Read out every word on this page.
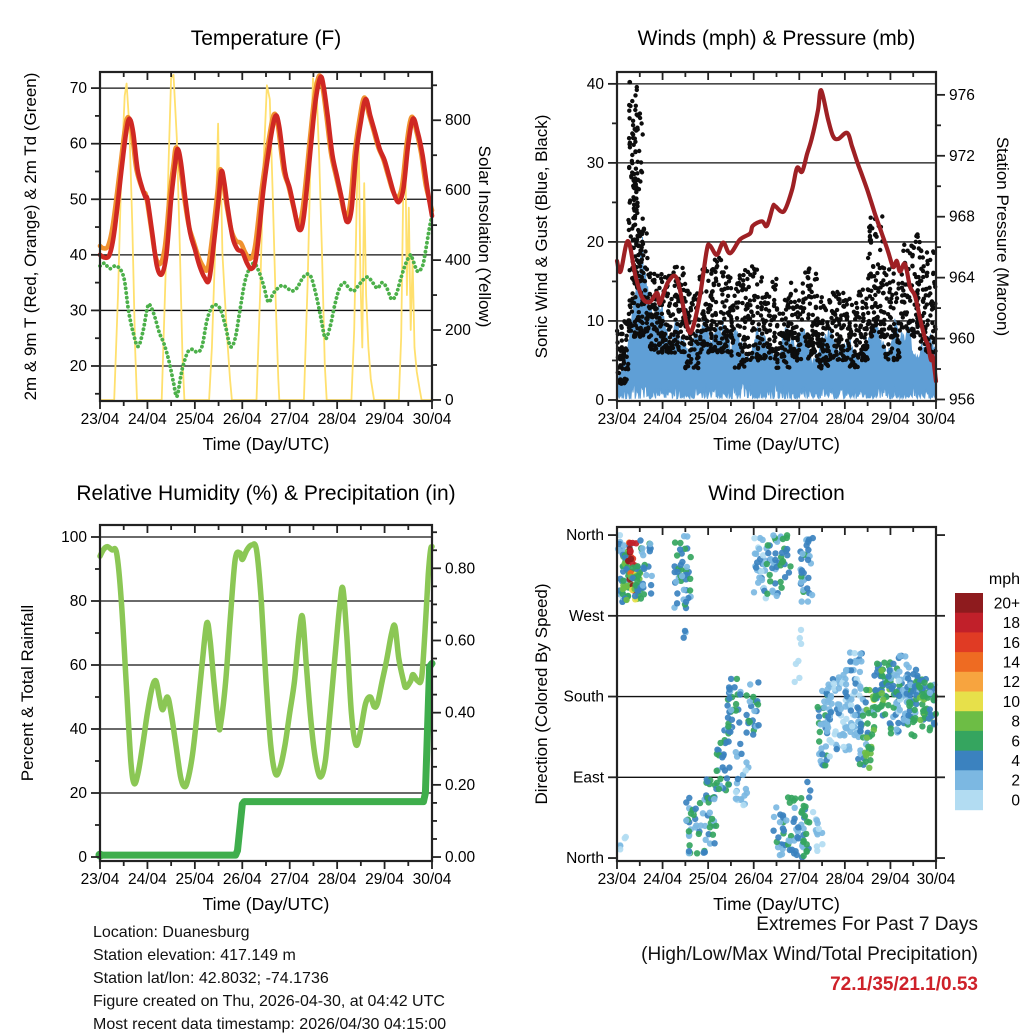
23/04 24/04 25/04 26/04 27/04 28/04 29/04 30/04
20
30
40
50
60
70
0
200
400
600
800
Temperature (F)
Time (Day/UTC)
2m & 9m T (Red, Orange) & 2m Td (Green)	Solar Insolation (Yellow)
23/04 24/04 25/04 26/04 27/04 28/04 29/04 30/04
0
10
20
30
40
956
960
964
968
972
976
Winds (mph) & Pressure (mb)
Time (Day/UTC)
Sonic Wind & Gust (Blue, Black)	Station Pressure (Maroon)
23/04 24/04 25/04 26/04 27/04 28/04 29/04 30/04
0
20
40
60
80
100
0.00
0.20
0.40
0.60
0.80
Relative Humidity (%) & Precipitation (in)
Time (Day/UTC)
Percent & Total Rainfall
23/04 24/04 25/04 26/04 27/04 28/04 29/04 30/04
North
West
South
East
North
Wind Direction
Time (Day/UTC)
Direction (Colored By Speed)
mph
20+
18
16
14
12
10
8
6
4
2
0
Location: Duanesburg
Station elevation: 417.149 m
Station lat/lon: 42.8032; -74.1736
Figure created on Thu, 2026-04-30, at 04:42 UTC
Most recent data timestamp: 2026/04/30 04:15:00
Extremes For Past 7 Days
(High/Low/Max Wind/Total Precipitation)
72.1/35/21.1/0.53
